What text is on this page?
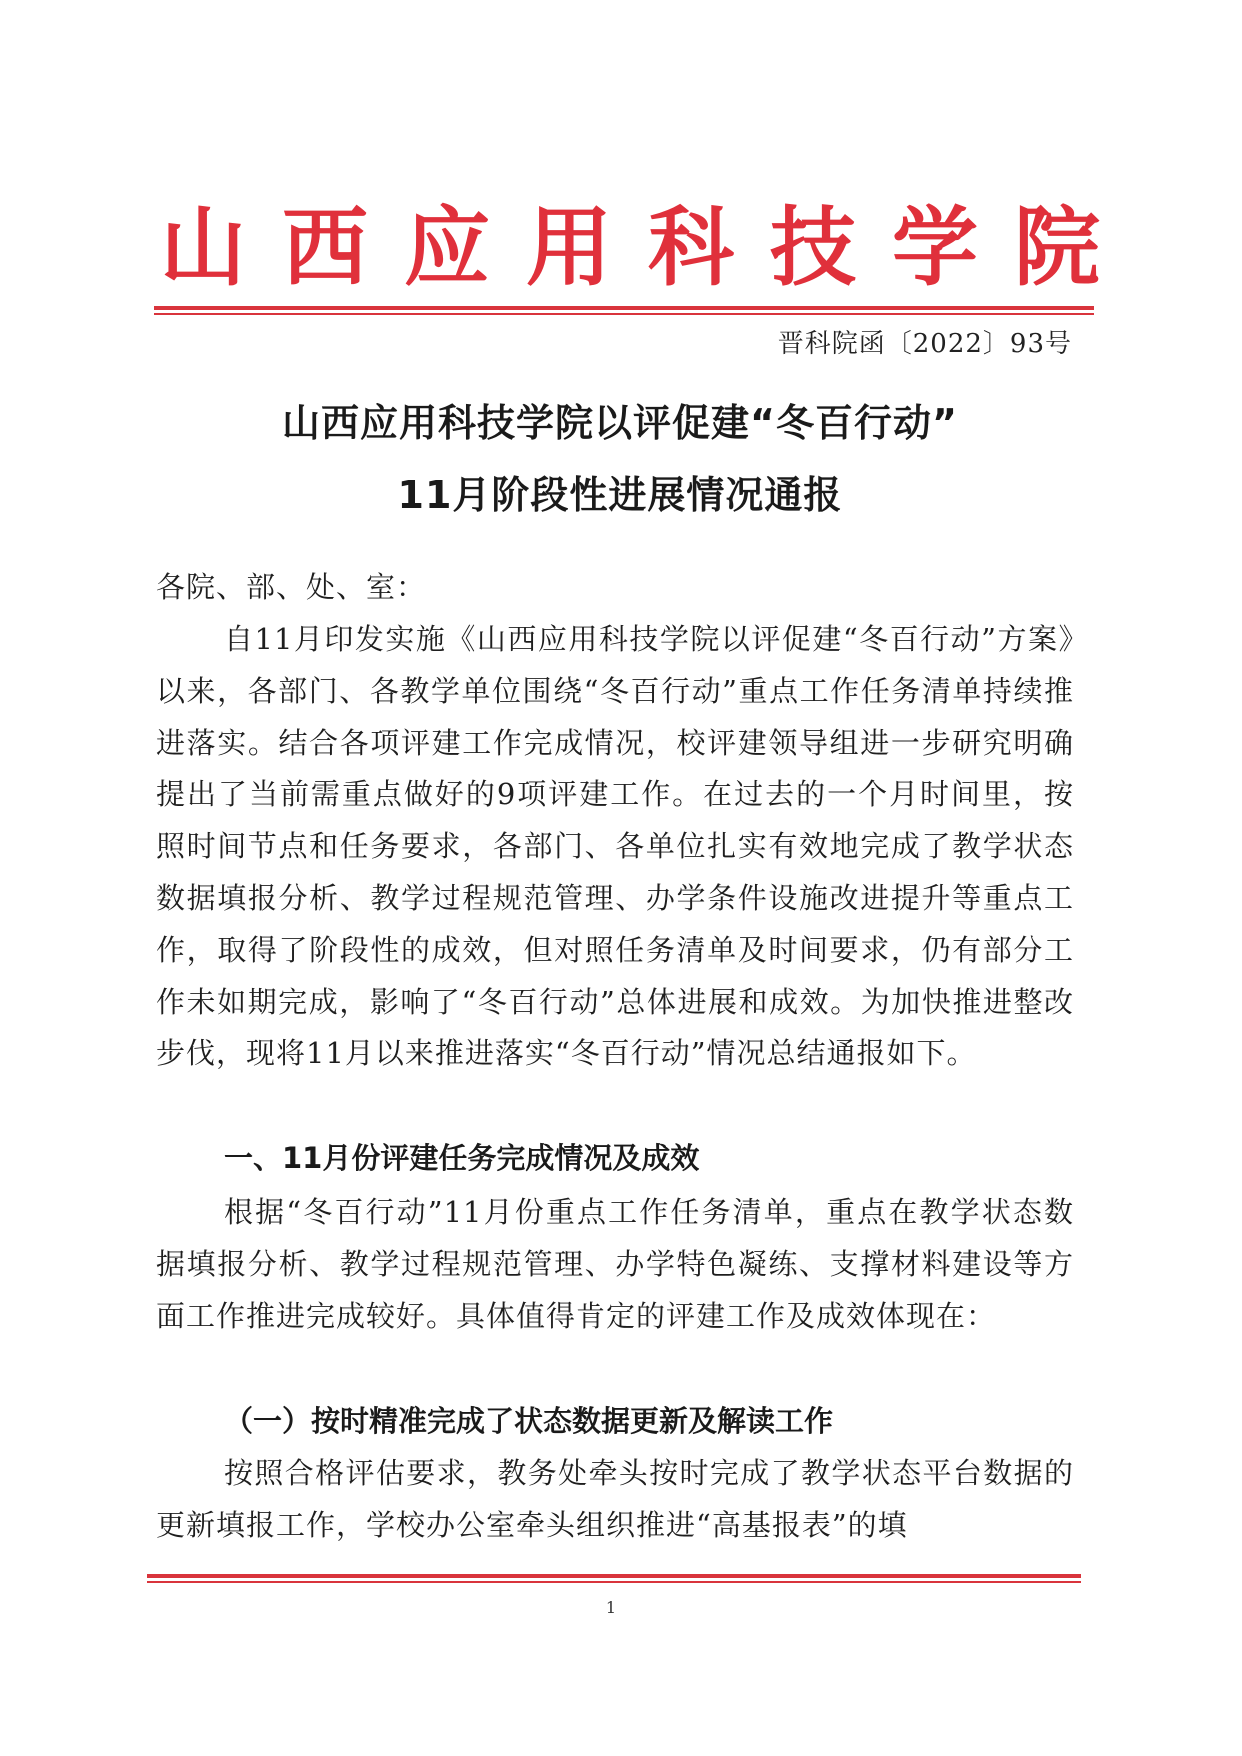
山 西 应 用 科 技 学 院
晋科院函〔2022〕93号
山西应用科技学院以评促建“冬百行动”
11月阶段性进展情况通报
各院、部、处、室：
自11月印发实施《山西应用科技学院以评促建“冬百行动”方案》以来，各部门、各教学单位围绕“冬百行动”重点工作任务清单持续推进落实。结合各项评建工作完成情况，校评建领导组进一步研究明确提出了当前需重点做好的9项评建工作。在过去的一个月时间里，按照时间节点和任务要求，各部门、各单位扎实有效地完成了教学状态数据填报分析、教学过程规范管理、办学条件设施改进提升等重点工作，取得了阶段性的成效，但对照任务清单及时间要求，仍有部分工作未如期完成，影响了“冬百行动”总体进展和成效。为加快推进整改步伐，现将11月以来推进落实“冬百行动”情况总结通报如下。
一、11月份评建任务完成情况及成效
根据“冬百行动”11月份重点工作任务清单，重点在教学状态数据填报分析、教学过程规范管理、办学特色凝练、支撑材料建设等方面工作推进完成较好。具体值得肯定的评建工作及成效体现在：
（一）按时精准完成了状态数据更新及解读工作
按照合格评估要求，教务处牵头按时完成了教学状态平台数据的更新填报工作，学校办公室牵头组织推进“高基报表”的填
1
